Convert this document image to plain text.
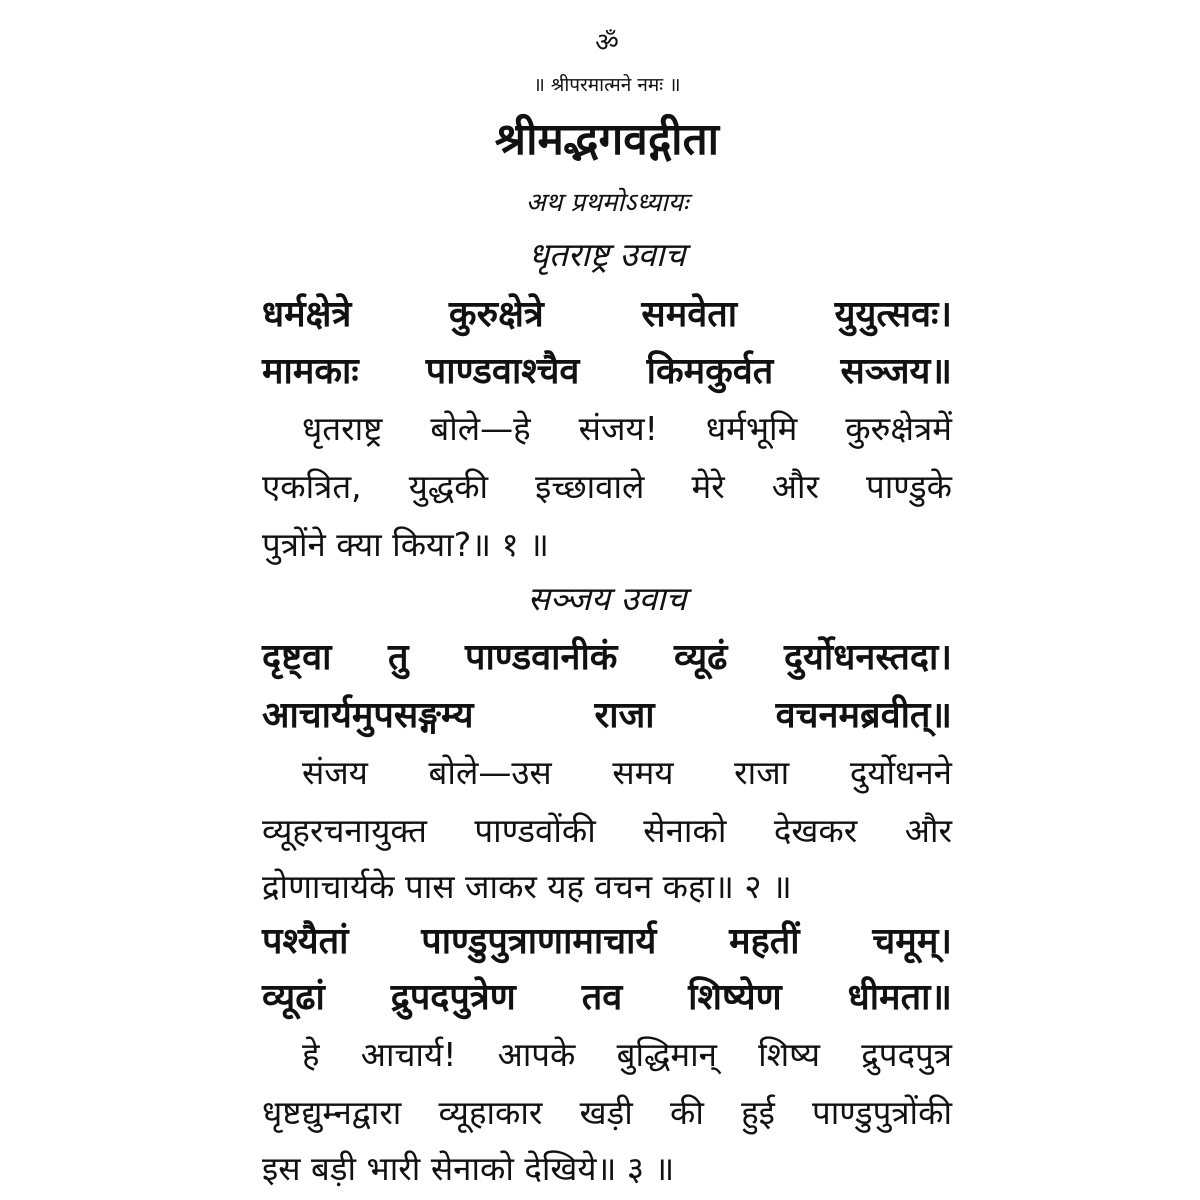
ॐ
॥ श्रीपरमात्मने नमः ॥
श्रीमद्भगवद्गीता
अथ प्रथमोऽध्यायः
धृतराष्ट्र उवाच
धर्मक्षेत्रे कुरुक्षेत्रे समवेता युयुत्सवः।
मामकाः पाण्डवाश्चैव किमकुर्वत सञ्जय॥
धृतराष्ट्र बोले—हे संजय! धर्मभूमि कुरुक्षेत्रमें
एकत्रित, युद्धकी इच्छावाले मेरे और पाण्डुके
पुत्रोंने क्या किया?॥ १ ॥
सञ्जय उवाच
दृष्ट्वा तु पाण्डवानीकं व्यूढं दुर्योधनस्तदा।
आचार्यमुपसङ्गम्य राजा वचनमब्रवीत्॥
संजय बोले—उस समय राजा दुर्योधनने
व्यूहरचनायुक्त पाण्डवोंकी सेनाको देखकर और
द्रोणाचार्यके पास जाकर यह वचन कहा॥ २ ॥
पश्यैतां पाण्डुपुत्राणामाचार्य महतीं चमूम्।
व्यूढां द्रुपदपुत्रेण तव शिष्येण धीमता॥
हे आचार्य! आपके बुद्धिमान् शिष्य द्रुपदपुत्र
धृष्टद्युम्नद्वारा व्यूहाकार खड़ी की हुई पाण्डुपुत्रोंकी
इस बड़ी भारी सेनाको देखिये॥ ३ ॥
